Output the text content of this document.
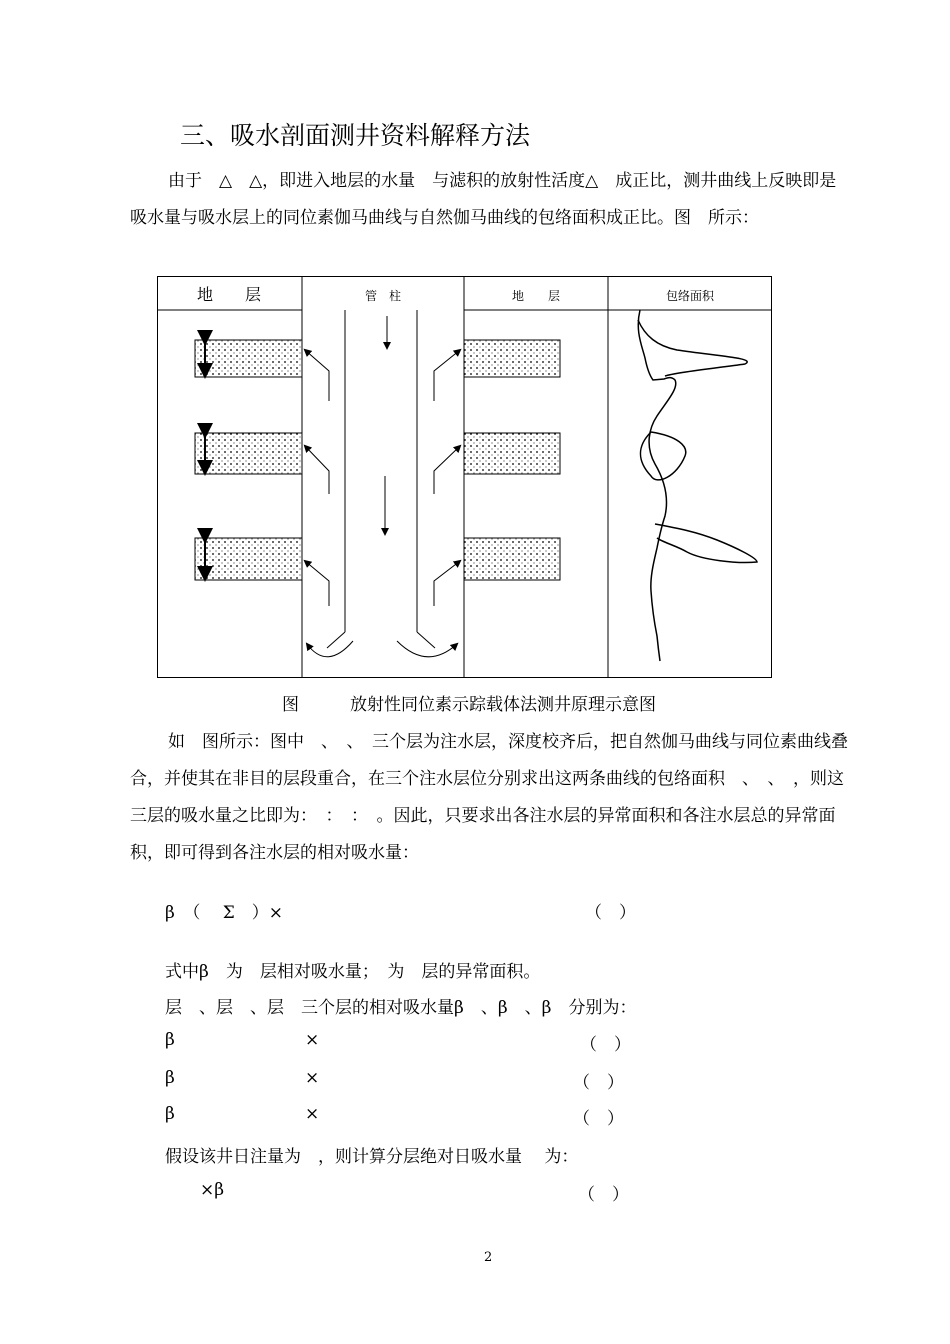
三、吸水剖面测井资料解释方法
由于　△　△，即进入地层的水量　与滤积的放射性活度△　成正比，测井曲线上反映即是吸水量与吸水层上的同位素伽马曲线与自然伽马曲线的包络面积成正比。图　所示：
地　　层	管　柱	地　　层	包络面积
图　　　放射性同位素示踪载体法测井原理示意图
如　图所示：图中　、　、　三个层为注水层，深度校齐后，把自然伽马曲线与同位素曲线叠合，并使其在非目的层段重合，在三个注水层位分别求出这两条曲线的包络面积　、　、　，则这三层的吸水量之比即为：　：　：　。因此，只要求出各注水层的异常面积和各注水层总的异常面积，即可得到各注水层的相对吸水量：
β　（　 Σ　）×	（　）
式中β　为　层相对吸水量；　为　层的异常面积。
层　、层　、层　三个层的相对吸水量β　、β　、β　分别为：
β	×	（　）
β	×	（　）
β	×	（　）
假设该井日注量为　，则计算分层绝对日吸水量　 为：
×β	（　）
2
